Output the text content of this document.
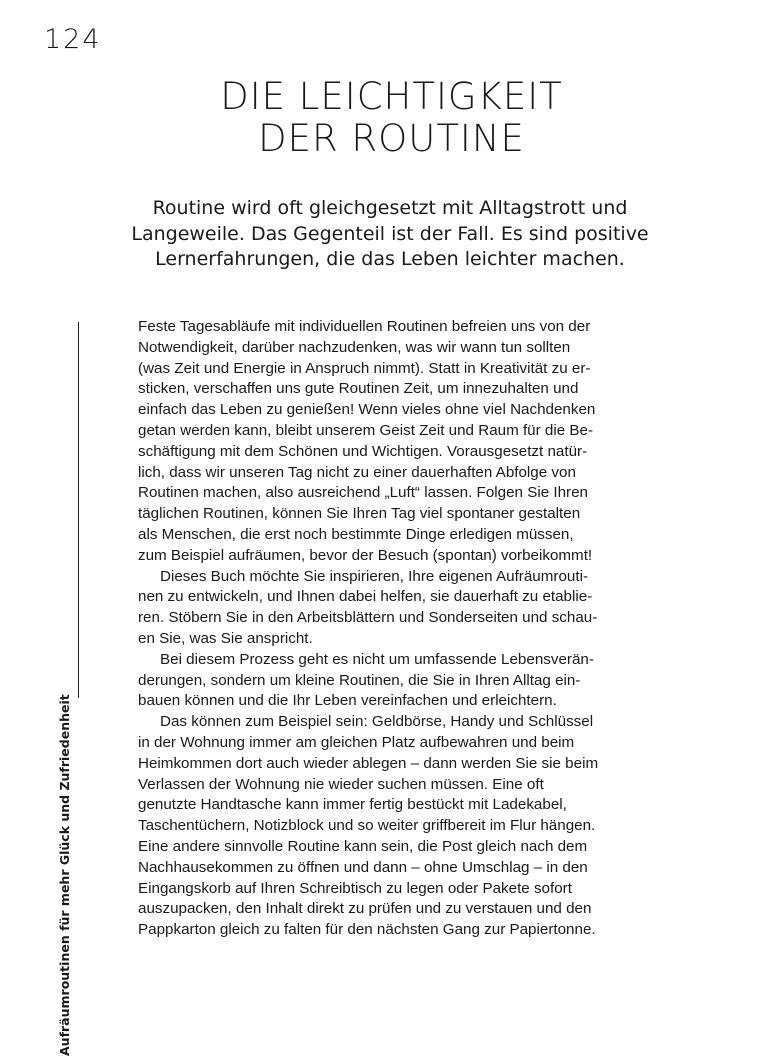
124
DIE LEICHTIGKEIT
DER ROUTINE
Routine wird oft gleichgesetzt mit Alltagstrott und
Langeweile. Das Gegenteil ist der Fall. Es sind positive
Lernerfahrungen, die das Leben leichter machen.
Aufräumroutinen für mehr Glück und Zufriedenheit
Feste Tagesabläufe mit individuellen Routinen befreien uns von der
Notwendigkeit, darüber nachzudenken, was wir wann tun sollten
(was Zeit und Energie in Anspruch nimmt). Statt in Kreativität zu er-
sticken, verschaffen uns gute Routinen Zeit, um innezuhalten und
einfach das Leben zu genießen! Wenn vieles ohne viel Nachdenken
getan werden kann, bleibt unserem Geist Zeit und Raum für die Be-
schäftigung mit dem Schönen und Wichtigen. Vorausgesetzt natür-
lich, dass wir unseren Tag nicht zu einer dauerhaften Abfolge von
Routinen machen, also ausreichend „Luft“ lassen. Folgen Sie Ihren
täglichen Routinen, können Sie Ihren Tag viel spontaner gestalten
als Menschen, die erst noch bestimmte Dinge erledigen müssen,
zum Beispiel aufräumen, bevor der Besuch (spontan) vorbeikommt!
Dieses Buch möchte Sie inspirieren, Ihre eigenen Aufräumrouti-
nen zu entwickeln, und Ihnen dabei helfen, sie dauerhaft zu etablie-
ren. Stöbern Sie in den Arbeitsblättern und Sonderseiten und schau-
en Sie, was Sie anspricht.
Bei diesem Prozess geht es nicht um umfassende Lebensverän-
derungen, sondern um kleine Routinen, die Sie in Ihren Alltag ein-
bauen können und die Ihr Leben vereinfachen und erleichtern.
Das können zum Beispiel sein: Geldbörse, Handy und Schlüssel
in der Wohnung immer am gleichen Platz aufbewahren und beim
Heimkommen dort auch wieder ablegen – dann werden Sie sie beim
Verlassen der Wohnung nie wieder suchen müssen. Eine oft
genutzte Handtasche kann immer fertig bestückt mit Ladekabel,
Taschentüchern, Notizblock und so weiter griffbereit im Flur hängen.
Eine andere sinnvolle Routine kann sein, die Post gleich nach dem
Nachhausekommen zu öffnen und dann – ohne Umschlag – in den
Eingangskorb auf Ihren Schreibtisch zu legen oder Pakete sofort
auszupacken, den Inhalt direkt zu prüfen und zu verstauen und den
Pappkarton gleich zu falten für den nächsten Gang zur Papiertonne.
